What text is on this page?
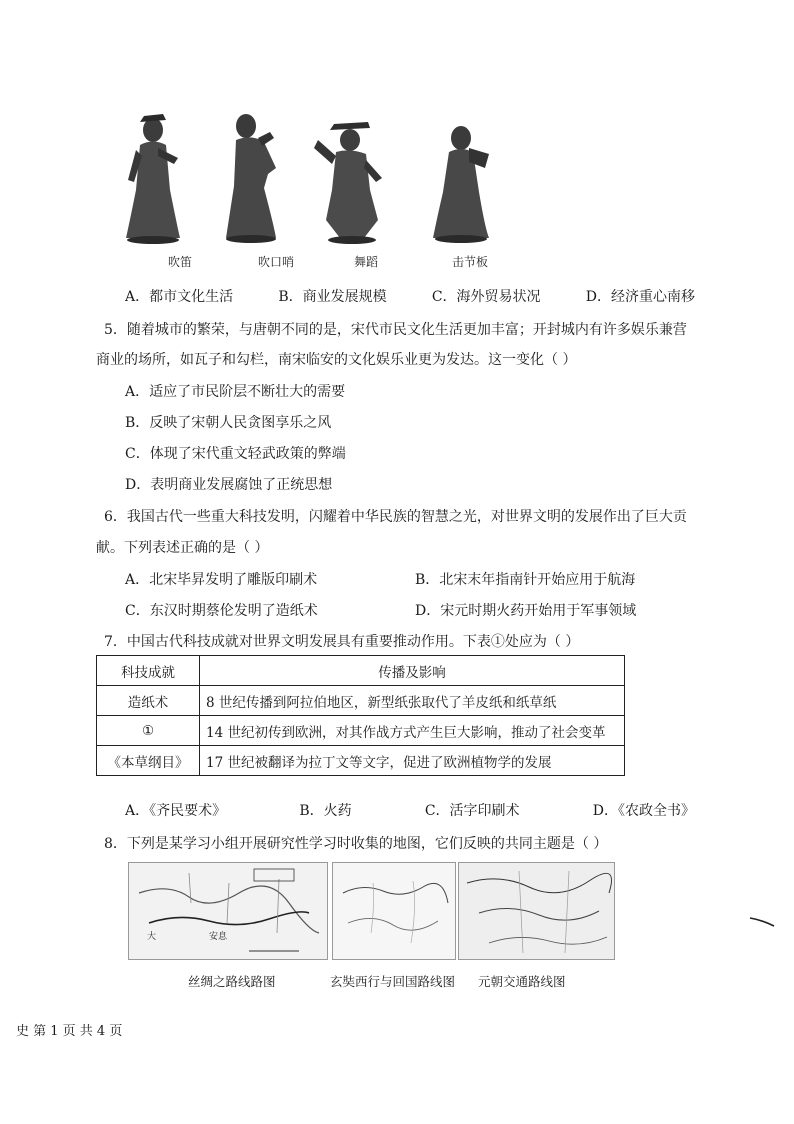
吹笛	吹口哨	舞蹈	击节板
A．都市文化生活	B．商业发展规模	C．海外贸易状况	D．经济重心南移
5．随着城市的繁荣，与唐朝不同的是，宋代市民文化生活更加丰富；开封城内有许多娱乐兼营
商业的场所，如瓦子和勾栏，南宋临安的文化娱乐业更为发达。这一变化（ ）
A．适应了市民阶层不断壮大的需要
B．反映了宋朝人民贪图享乐之风
C．体现了宋代重文轻武政策的弊端
D．表明商业发展腐蚀了正统思想
6．我国古代一些重大科技发明，闪耀着中华民族的智慧之光，对世界文明的发展作出了巨大贡
献。下列表述正确的是（ ）
A．北宋毕昇发明了雕版印刷术	B．北宋末年指南针开始应用于航海
C．东汉时期蔡伦发明了造纸术	D．宋元时期火药开始用于军事领域
7．中国古代科技成就对世界文明发展具有重要推动作用。下表①处应为（ ）
科技成就	传播及影响
造纸术	8 世纪传播到阿拉伯地区，新型纸张取代了羊皮纸和纸草纸
①	14 世纪初传到欧洲，对其作战方式产生巨大影响，推动了社会变革
《本草纲目》	17 世纪被翻译为拉丁文等文字，促进了欧洲植物学的发展
A．《齐民要术》	B．火药	C．活字印刷术	D．《农政全书》
8．下列是某学习小组开展研究性学习时收集的地图，它们反映的共同主题是（ ）
大	安息
丝绸之路线路图	玄奘西行与回国路线图 元朝交通路线图
史 第 1 页 共 4 页
